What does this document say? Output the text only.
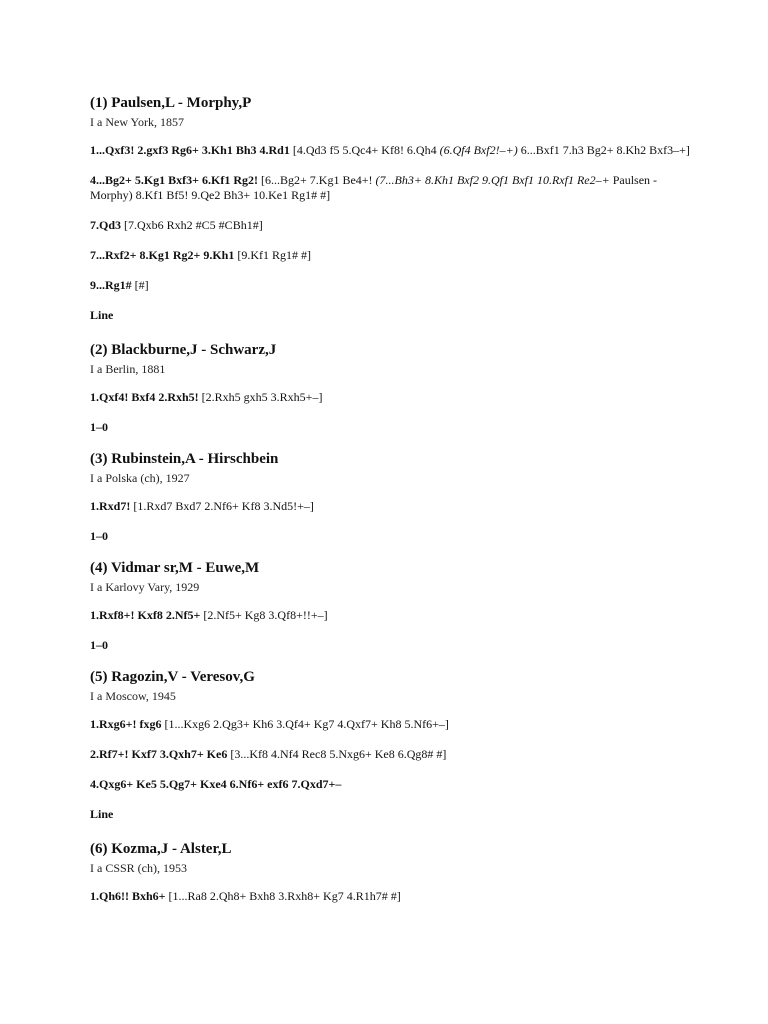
(1) Paulsen,L - Morphy,P
I a New York, 1857
1...Qxf3! 2.gxf3 Rg6+ 3.Kh1 Bh3 4.Rd1 [4.Qd3 f5 5.Qc4+ Kf8! 6.Qh4 (6.Qf4 Bxf2!–+) 6...Bxf1 7.h3 Bg2+ 8.Kh2 Bxf3–+]
4...Bg2+ 5.Kg1 Bxf3+ 6.Kf1 Rg2! [6...Bg2+ 7.Kg1 Be4+! (7...Bh3+ 8.Kh1 Bxf2 9.Qf1 Bxf1 10.Rxf1 Re2–+ Paulsen - Morphy) 8.Kf1 Bf5! 9.Qe2 Bh3+ 10.Ke1 Rg1# #]
7.Qd3 [7.Qxb6 Rxh2 #C5 #CBh1#]
7...Rxf2+ 8.Kg1 Rg2+ 9.Kh1 [9.Kf1 Rg1# #]
9...Rg1# [#]
Line
(2) Blackburne,J - Schwarz,J
I a Berlin, 1881
1.Qxf4! Bxf4 2.Rxh5! [2.Rxh5 gxh5 3.Rxh5+–]
1–0
(3) Rubinstein,A - Hirschbein
I a Polska (ch), 1927
1.Rxd7! [1.Rxd7 Bxd7 2.Nf6+ Kf8 3.Nd5!+–]
1–0
(4) Vidmar sr,M - Euwe,M
I a Karlovy Vary, 1929
1.Rxf8+! Kxf8 2.Nf5+ [2.Nf5+ Kg8 3.Qf8+!!+–]
1–0
(5) Ragozin,V - Veresov,G
I a Moscow, 1945
1.Rxg6+! fxg6 [1...Kxg6 2.Qg3+ Kh6 3.Qf4+ Kg7 4.Qxf7+ Kh8 5.Nf6+–]
2.Rf7+! Kxf7 3.Qxh7+ Ke6 [3...Kf8 4.Nf4 Rec8 5.Nxg6+ Ke8 6.Qg8# #]
4.Qxg6+ Ke5 5.Qg7+ Kxe4 6.Nf6+ exf6 7.Qxd7+–
Line
(6) Kozma,J - Alster,L
I a CSSR (ch), 1953
1.Qh6!! Bxh6+ [1...Ra8 2.Qh8+ Bxh8 3.Rxh8+ Kg7 4.R1h7# #]
